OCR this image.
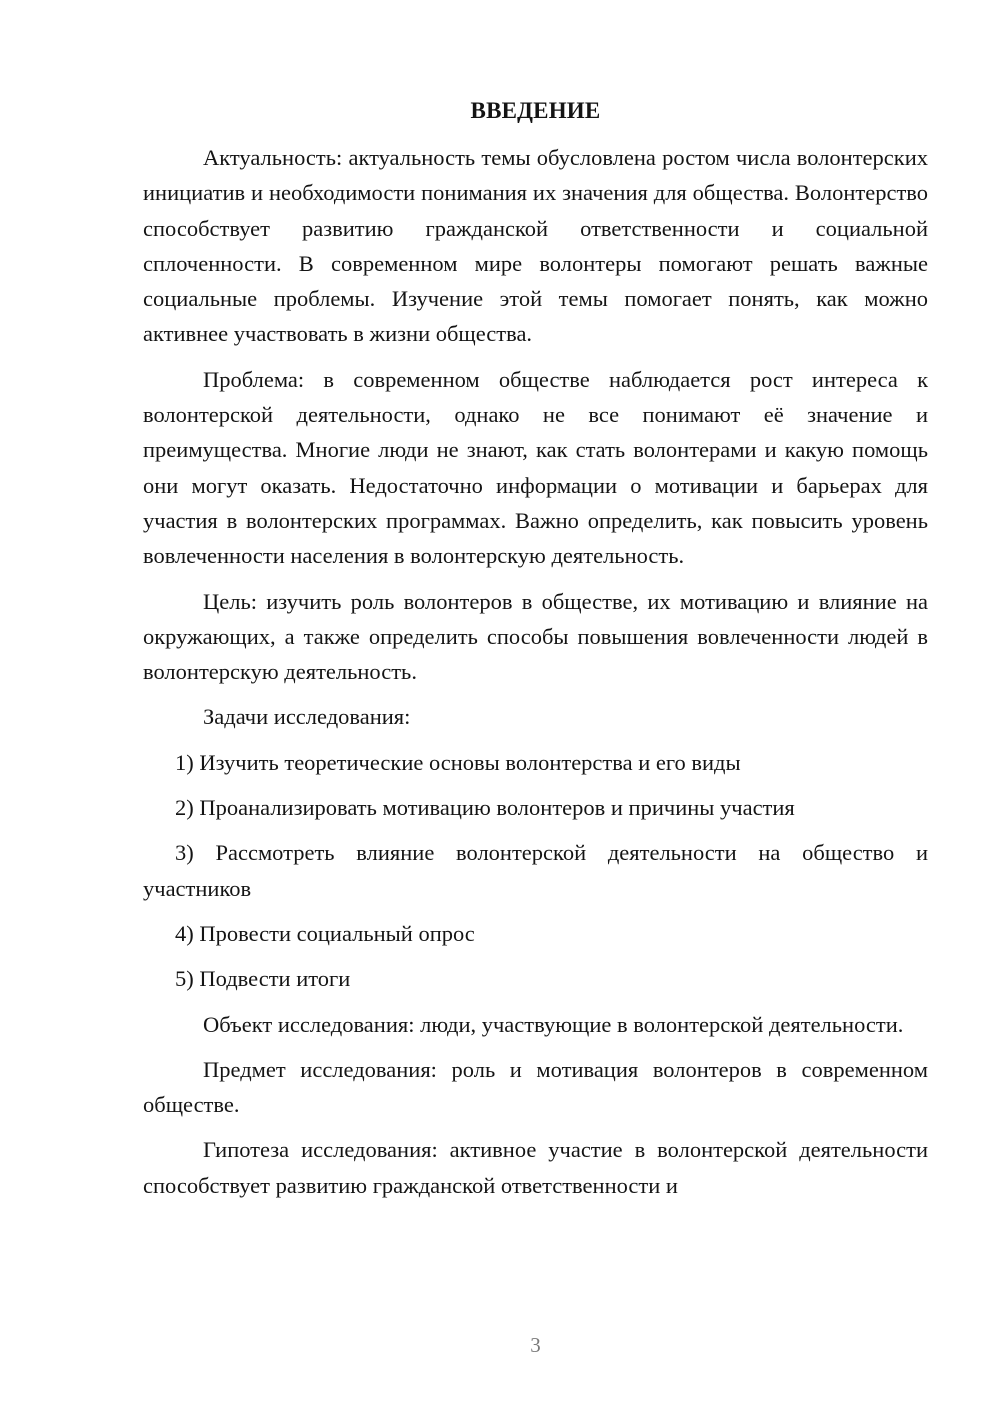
ВВЕДЕНИЕ

Актуальность: актуальность темы обусловлена ростом числа волонтерских инициатив и необходимости понимания их значения для общества. Волонтерство способствует развитию гражданской ответственности и социальной сплоченности. В современном мире волонтеры помогают решать важные социальные проблемы. Изучение этой темы помогает понять, как можно активнее участвовать в жизни общества.

Проблема: в современном обществе наблюдается рост интереса к волонтерской деятельности, однако не все понимают её значение и преимущества. Многие люди не знают, как стать волонтерами и какую помощь они могут оказать. Недостаточно информации о мотивации и барьерах для участия в волонтерских программах. Важно определить, как повысить уровень вовлеченности населения в волонтерскую деятельность.

Цель: изучить роль волонтеров в обществе, их мотивацию и влияние на окружающих, а также определить способы повышения вовлеченности людей в волонтерскую деятельность.

Задачи исследования:

1) Изучить теоретические основы волонтерства и его виды

2) Проанализировать мотивацию волонтеров и причины участия

3) Рассмотреть влияние волонтерской деятельности на общество и участников

4) Провести социальный опрос

5) Подвести итоги

Объект исследования: люди, участвующие в волонтерской деятельности.

Предмет исследования: роль и мотивация волонтеров в современном обществе.

Гипотеза исследования: активное участие в волонтерской деятельности способствует развитию гражданской ответственности и

3
